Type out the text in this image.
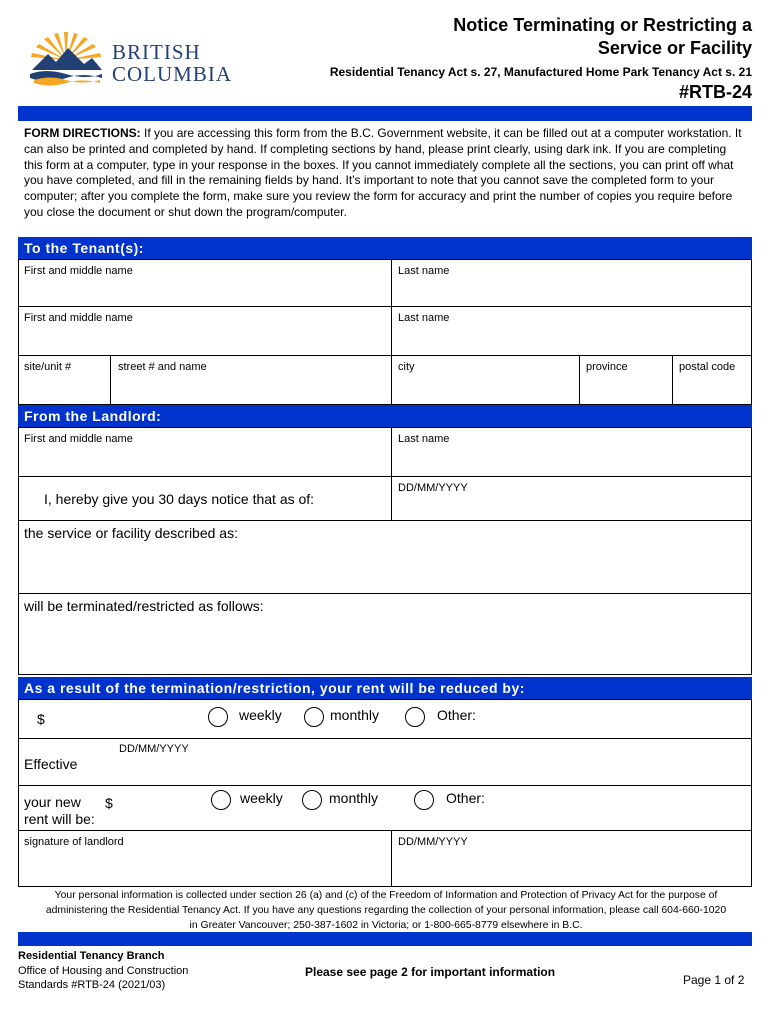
BRITISH
COLUMBIA
Notice Terminating or Restricting a
Service or Facility
Residential Tenancy Act s. 27, Manufactured Home Park Tenancy Act s. 21
#RTB-24
FORM DIRECTIONS: If you are accessing this form from the B.C. Government website, it can be filled out at a computer workstation. It can also be printed and completed by hand. If completing sections by hand, please print clearly, using dark ink. If you are completing this form at a computer, type in your response in the boxes. If you cannot immediately complete all the sections, you can print off what you have completed, and fill in the remaining fields by hand. It's important to note that you cannot save the completed form to your computer; after you complete the form, make sure you review the form for accuracy and print the number of copies you require before you close the document or shut down the program/computer.
To the Tenant(s):
First and middle name	Last name
First and middle name	Last name
site/unit #	street # and name	city	province	postal code
From the Landlord:
First and middle name	Last name
I, hereby give you 30 days notice that as of:
DD/MM/YYYY
the service or facility described as:
will be terminated/restricted as follows:
As a result of the termination/restriction, your rent will be reduced by:
$	weekly	monthly	Other:
DD/MM/YYYY
Effective
your new
rent will be:
$	weekly	monthly	Other:
signature of landlord	DD/MM/YYYY
Your personal information is collected under section 26 (a) and (c) of the Freedom of Information and Protection of Privacy Act for the purpose of
administering the Residential Tenancy Act. If you have any questions regarding the collection of your personal information, please call 604-660-1020
in Greater Vancouver; 250-387-1602 in Victoria; or 1-800-665-8779 elsewhere in B.C.
Residential Tenancy Branch
Office of Housing and Construction
Standards #RTB-24 (2021/03)
Please see page 2 for important information
Page 1 of 2
